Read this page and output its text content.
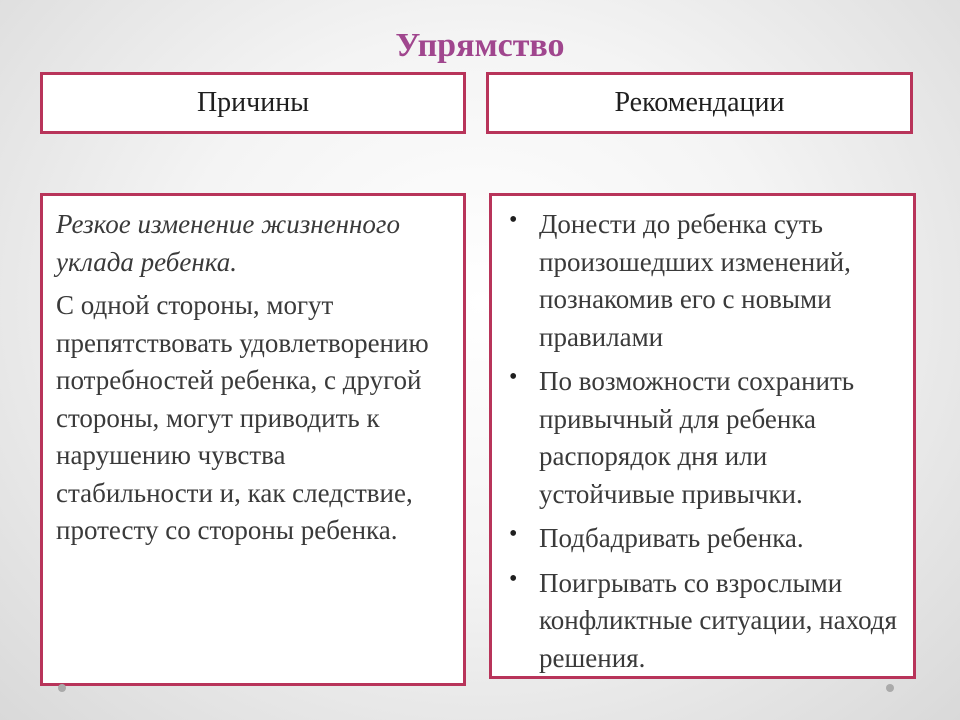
Упрямство
Причины	Рекомендации

Резкое изменение жизненного уклада ребенка.

С одной стороны, могут препятствовать удовлетворению потребностей ребенка, с другой стороны, могут приводить к нарушению чувства стабильности и, как следствие, протесту со стороны ребенка.

• Донести до ребенка суть произошедших изменений, познакомив его с новыми правилами
• По возможности сохранить привычный для ребенка распорядок дня или устойчивые привычки.
• Подбадривать ребенка.
• Поигрывать со взрослыми конфликтные ситуации, находя решения.
